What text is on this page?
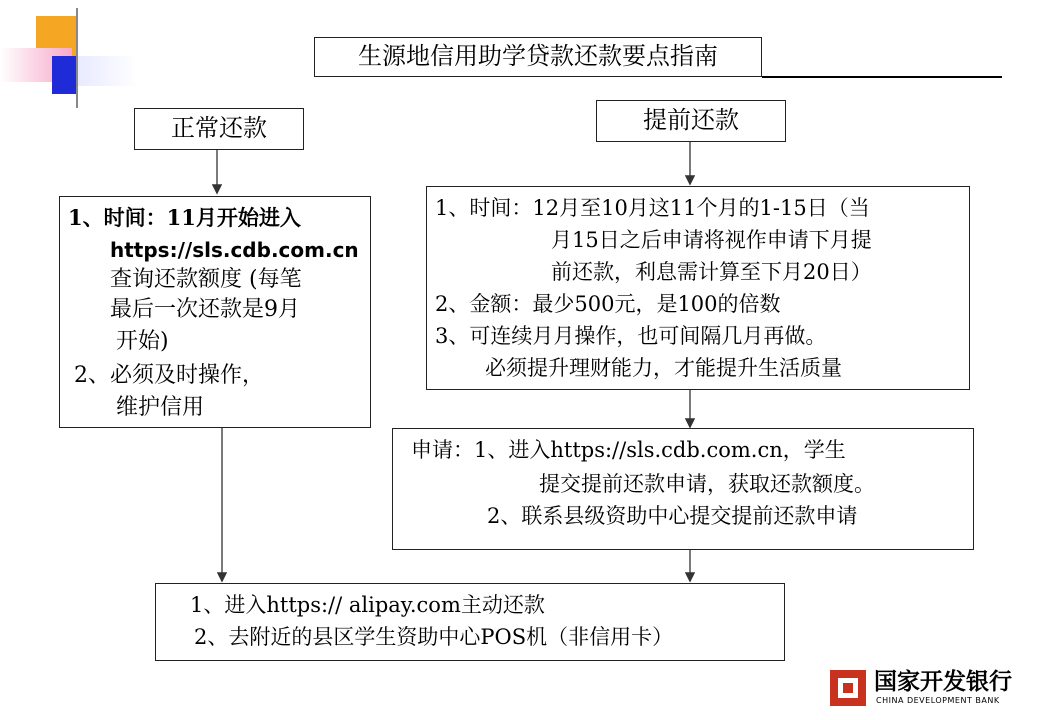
生源地信用助学贷款还款要点指南
正常还款	提前还款
1、时间：11月开始进入
https://sls.cdb.com.cn
查询还款额度 (每笔
最后一次还款是9月
开始)
2、必须及时操作，
维护信用
1、时间：12月至10月这11个月的1-15日（当
月15日之后申请将视作申请下月提
前还款，利息需计算至下月20日）
2、金额：最少500元，是100的倍数
3、可连续月月操作，也可间隔几月再做。
必须提升理财能力，才能提升生活质量
申请：1、进入https://sls.cdb.com.cn，学生
提交提前还款申请，获取还款额度。
2、联系县级资助中心提交提前还款申请
1、进入https:// alipay.com主动还款
2、去附近的县区学生资助中心POS机（非信用卡）
国家开发银行
CHINA DEVELOPMENT BANK
